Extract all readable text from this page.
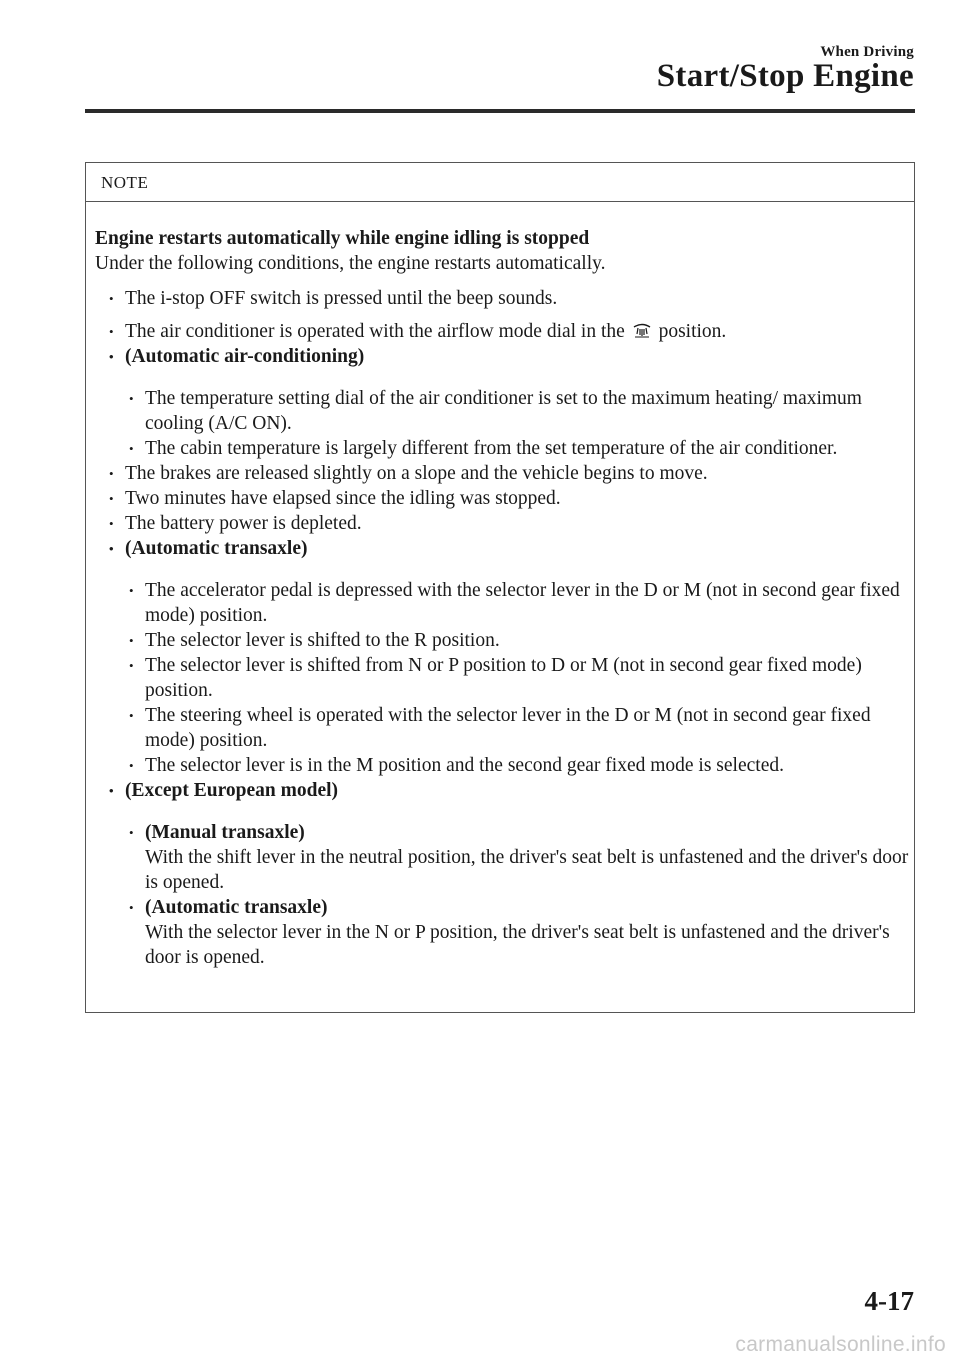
When Driving
Start/Stop Engine
NOTE

Engine restarts automatically while engine idling is stopped

Under the following conditions, the engine restarts automatically.

• The i-stop OFF switch is pressed until the beep sounds.
• The air conditioner is operated with the airflow mode dial in the position.
• (Automatic air-conditioning)
• The temperature setting dial of the air conditioner is set to the maximum heating/ maximum cooling (A/C ON).
• The cabin temperature is largely different from the set temperature of the air conditioner.
• The brakes are released slightly on a slope and the vehicle begins to move.
• Two minutes have elapsed since the idling was stopped.
• The battery power is depleted.
• (Automatic transaxle)
• The accelerator pedal is depressed with the selector lever in the D or M (not in second gear fixed mode) position.
• The selector lever is shifted to the R position.
• The selector lever is shifted from N or P position to D or M (not in second gear fixed mode) position.
• The steering wheel is operated with the selector lever in the D or M (not in second gear fixed mode) position.
• The selector lever is in the M position and the second gear fixed mode is selected.
• (Except European model)
• (Manual transaxle)
With the shift lever in the neutral position, the driver's seat belt is unfastened and the driver's door is opened.
• (Automatic transaxle)
With the selector lever in the N or P position, the driver's seat belt is unfastened and the driver's door is opened.
4-17
carmanualsonline.info
